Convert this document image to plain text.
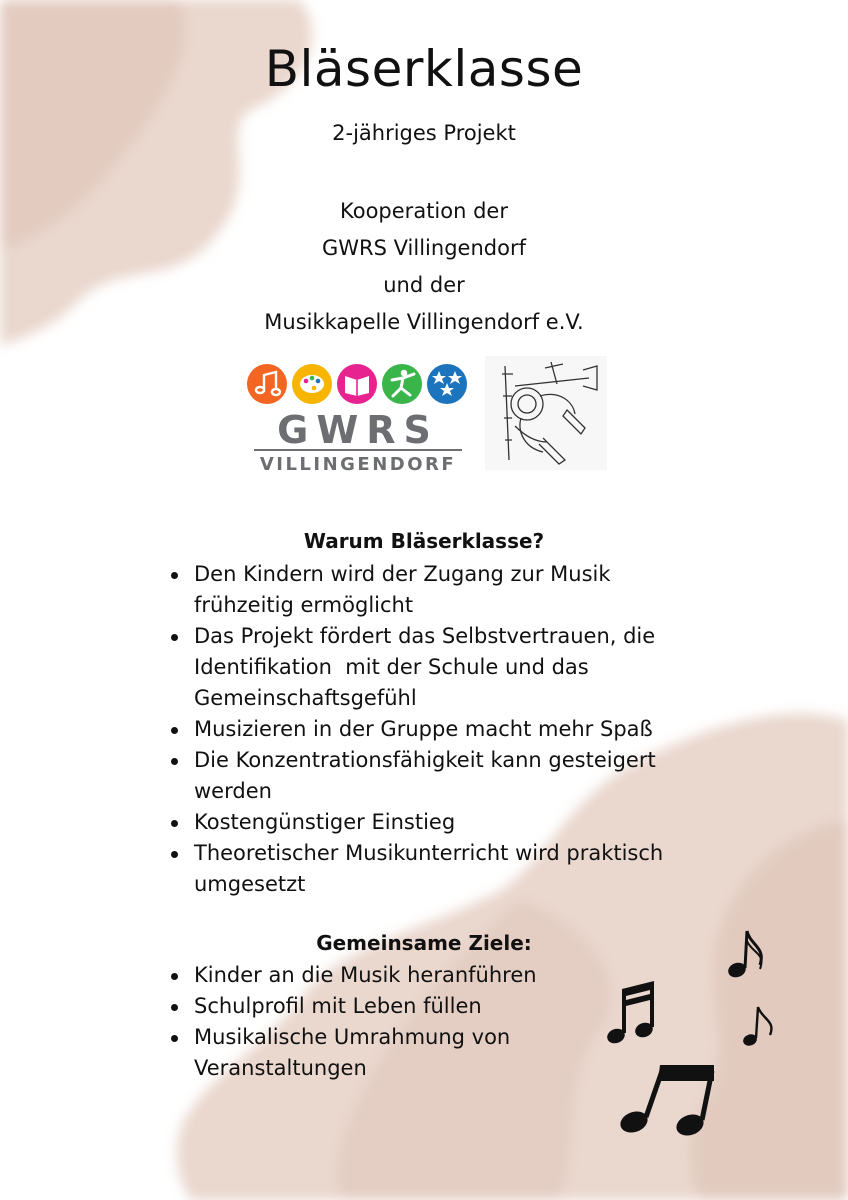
Bläserklasse
2-jähriges Projekt
Kooperation der
GWRS Villingendorf
und der
Musikkapelle Villingendorf e.V.
GWRS
VILLINGENDORF
Warum Bläserklasse?
Den Kindern wird der Zugang zur Musik
frühzeitig ermöglicht
Das Projekt fördert das Selbstvertrauen, die
Identifikation  mit der Schule und das
Gemeinschaftsgefühl
Musizieren in der Gruppe macht mehr Spaß
Die Konzentrationsfähigkeit kann gesteigert
werden
Kostengünstiger Einstieg
Theoretischer Musikunterricht wird praktisch
umgesetzt
Gemeinsame Ziele:
Kinder an die Musik heranführen
Schulprofil mit Leben füllen
Musikalische Umrahmung von
Veranstaltungen
